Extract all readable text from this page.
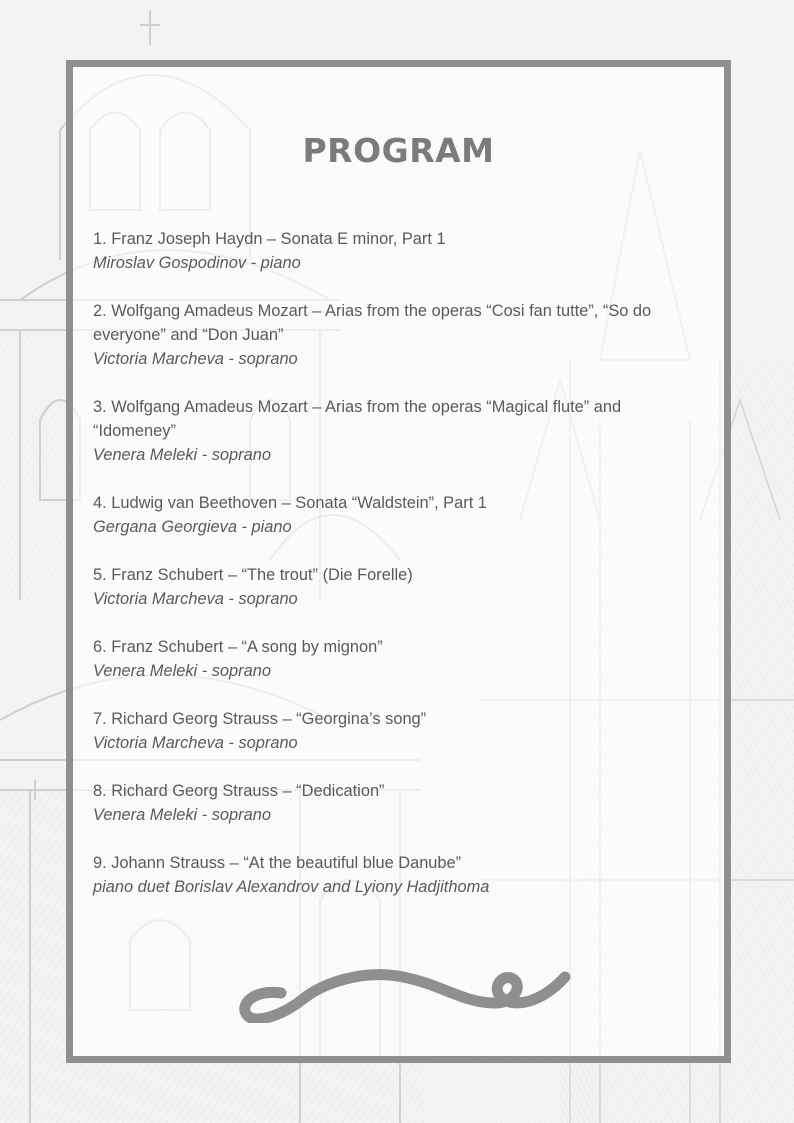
PROGRAM

1. Franz Joseph Haydn – Sonata E minor, Part 1

Miroslav Gospodinov - piano

2. Wolfgang Amadeus Mozart – Arias from the operas “Cosi fan tutte”, “So do everyone” and “Don Juan”

Victoria Marcheva - soprano

3. Wolfgang Amadeus Mozart – Arias from the operas “Magical flute” and “Idomeney”

Venera Meleki - soprano

4. Ludwig van Beethoven – Sonata “Waldstein”, Part 1

Gergana Georgieva - piano

5. Franz Schubert – “The trout” (Die Forelle)

Victoria Marcheva - soprano

6. Franz Schubert – “A song by mignon”

Venera Meleki - soprano

7. Richard Georg Strauss – “Georgina’s song”

Victoria Marcheva - soprano

8. Richard Georg Strauss – “Dedication”

Venera Meleki - soprano

9. Johann Strauss – “At the beautiful blue Danube”

piano duet Borislav Alexandrov and Lyiony Hadjithoma
